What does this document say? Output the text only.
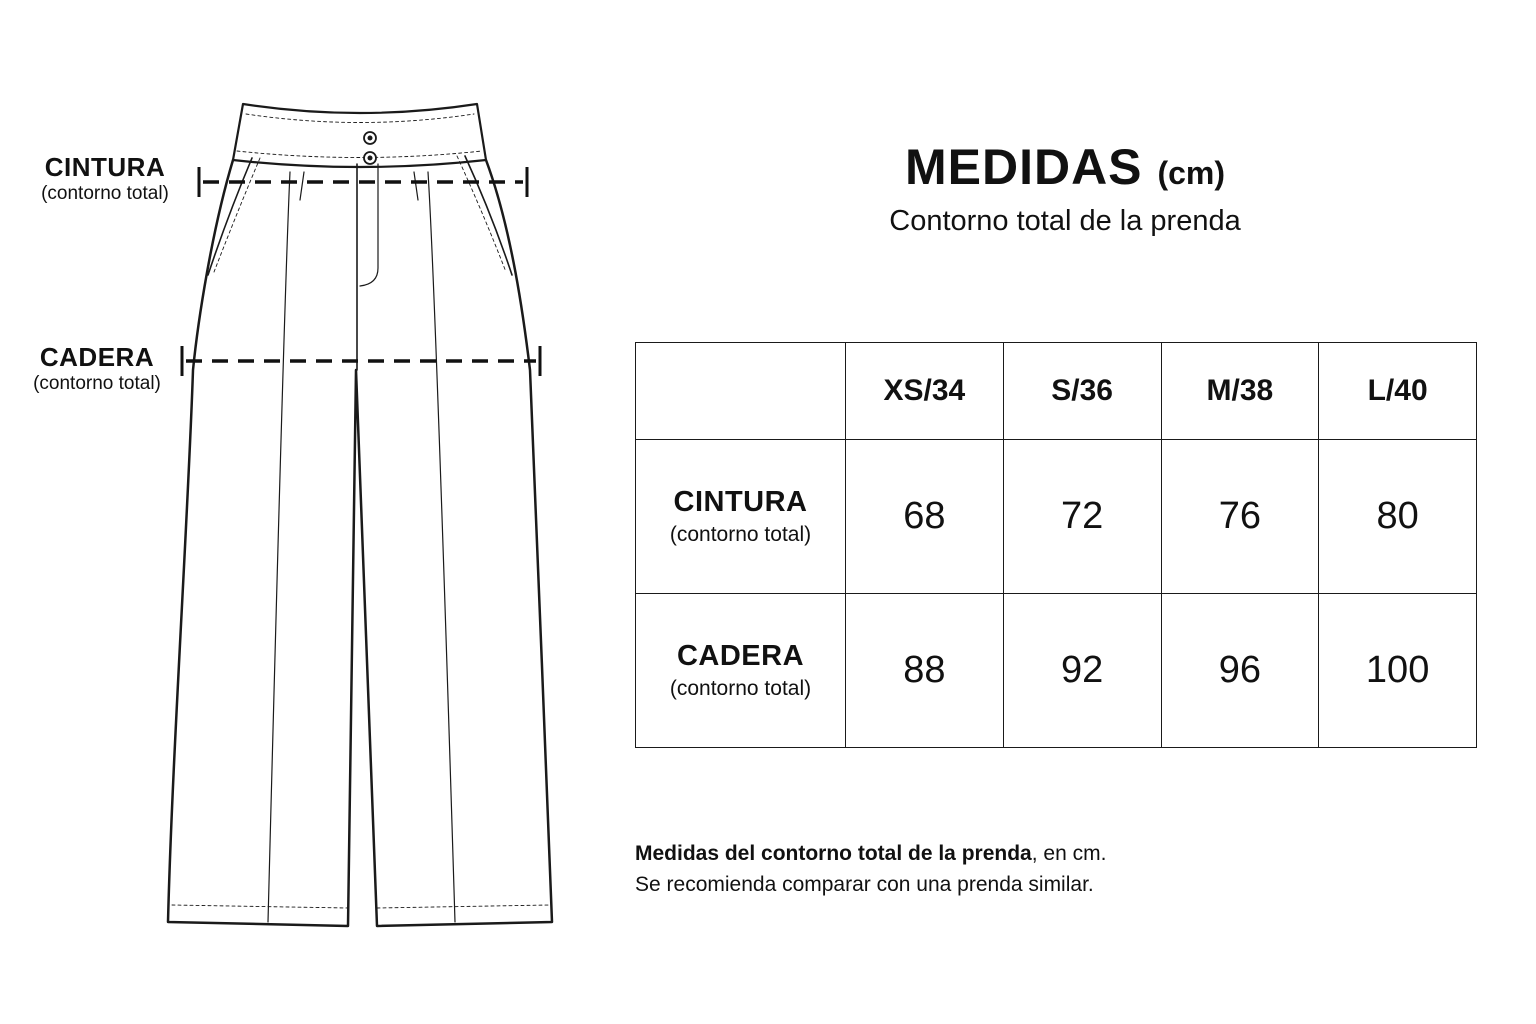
CINTURA
(contorno total)
CADERA
(contorno total)
MEDIDAS (cm)
Contorno total de la prenda
	XS/34	S/36	M/38	L/40

CINTURA
(contorno total)	68	72	76	80

CADERA
(contorno total)	88	92	96	100
Medidas del contorno total de la prenda, en cm.
Se recomienda comparar con una prenda similar.
